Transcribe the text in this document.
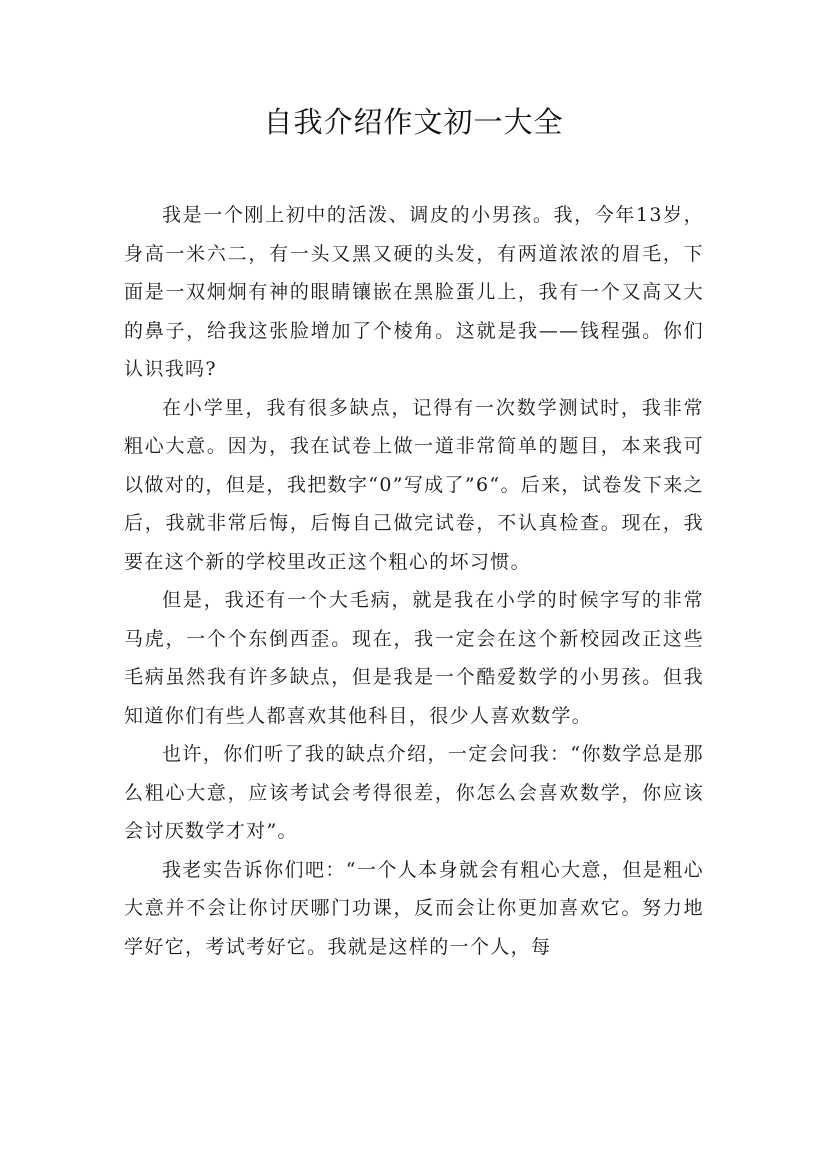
自我介绍作文初一大全

我是一个刚上初中的活泼、调皮的小男孩。我，今年13岁，身高一米六二，有一头又黑又硬的头发，有两道浓浓的眉毛，下面是一双炯炯有神的眼睛镶嵌在黑脸蛋儿上，我有一个又高又大的鼻子，给我这张脸增加了个棱角。这就是我——钱程强。你们认识我吗?

在小学里，我有很多缺点，记得有一次数学测试时，我非常粗心大意。因为，我在试卷上做一道非常简单的题目，本来我可以做对的，但是，我把数字“0”写成了”6“。后来，试卷发下来之后，我就非常后悔，后悔自己做完试卷，不认真检查。现在，我要在这个新的学校里改正这个粗心的坏习惯。

但是，我还有一个大毛病，就是我在小学的时候字写的非常马虎，一个个东倒西歪。现在，我一定会在这个新校园改正这些毛病虽然我有许多缺点，但是我是一个酷爱数学的小男孩。但我知道你们有些人都喜欢其他科目，很少人喜欢数学。

也许，你们听了我的缺点介绍，一定会问我：“你数学总是那么粗心大意，应该考试会考得很差，你怎么会喜欢数学，你应该会讨厌数学才对”。

我老实告诉你们吧：“一个人本身就会有粗心大意，但是粗心大意并不会让你讨厌哪门功课，反而会让你更加喜欢它。努力地学好它，考试考好它。我就是这样的一个人，每
